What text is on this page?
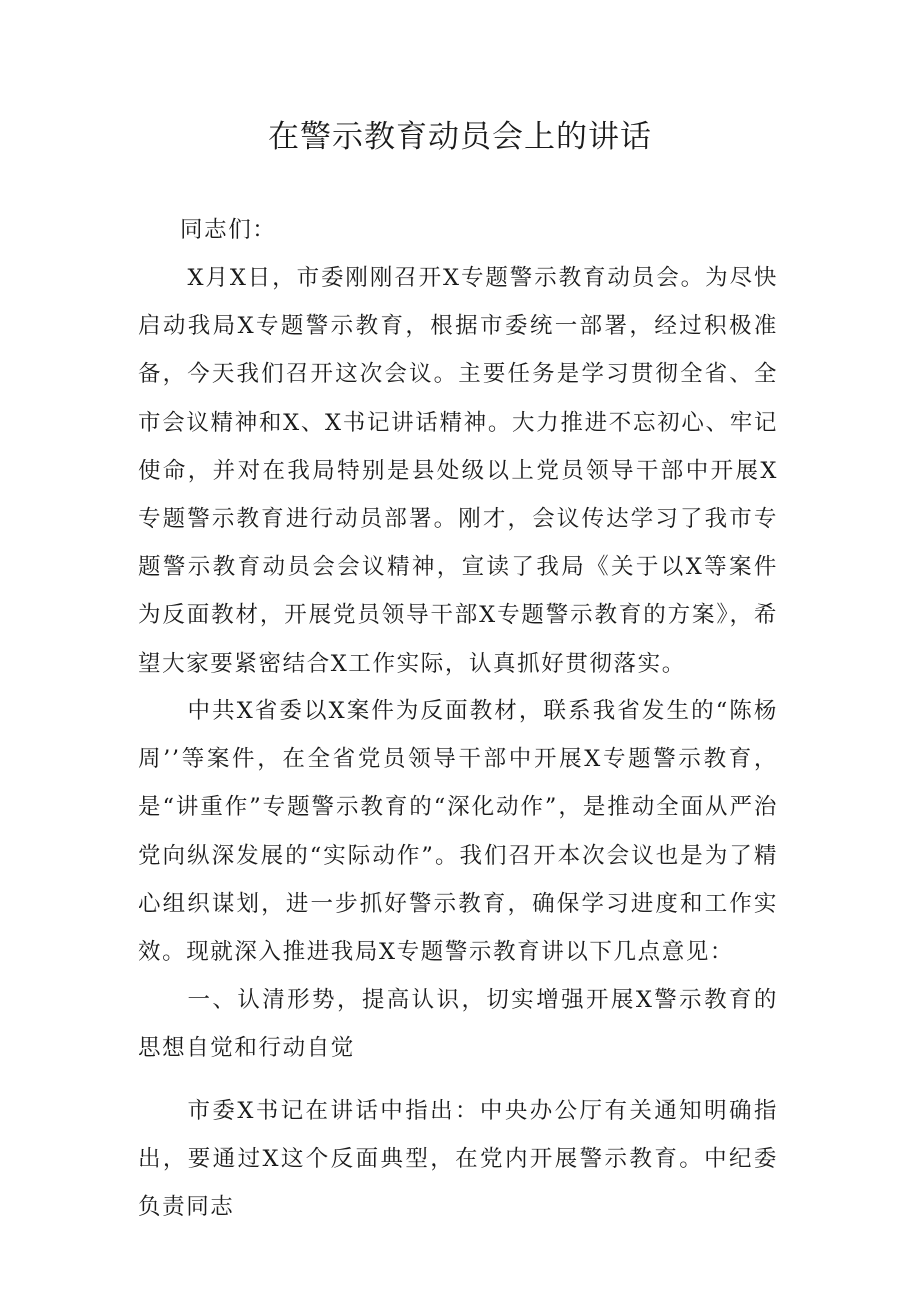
在警示教育动员会上的讲话

同志们：

X月X日，市委刚刚召开X专题警示教育动员会。为尽快启动我局X专题警示教育，根据市委统一部署，经过积极准备，今天我们召开这次会议。主要任务是学习贯彻全省、全市会议精神和X、X书记讲话精神。大力推进不忘初心、牢记使命，并对在我局特别是县处级以上党员领导干部中开展X专题警示教育进行动员部署。刚才，会议传达学习了我市专题警示教育动员会会议精神，宣读了我局《关于以X等案件为反面教材，开展党员领导干部X专题警示教育的方案》，希望大家要紧密结合X工作实际，认真抓好贯彻落实。

中共X省委以X案件为反面教材，联系我省发生的“陈杨周’’等案件，在全省党员领导干部中开展X专题警示教育，是“讲重作”专题警示教育的“深化动作”，是推动全面从严治党向纵深发展的“实际动作”。我们召开本次会议也是为了精心组织谋划，进一步抓好警示教育，确保学习进度和工作实效。现就深入推进我局X专题警示教育讲以下几点意见：

一、认清形势，提高认识，切实增强开展X警示教育的思想自觉和行动自觉

市委X书记在讲话中指出：中央办公厅有关通知明确指出，要通过X这个反面典型，在党内开展警示教育。中纪委负责同志
